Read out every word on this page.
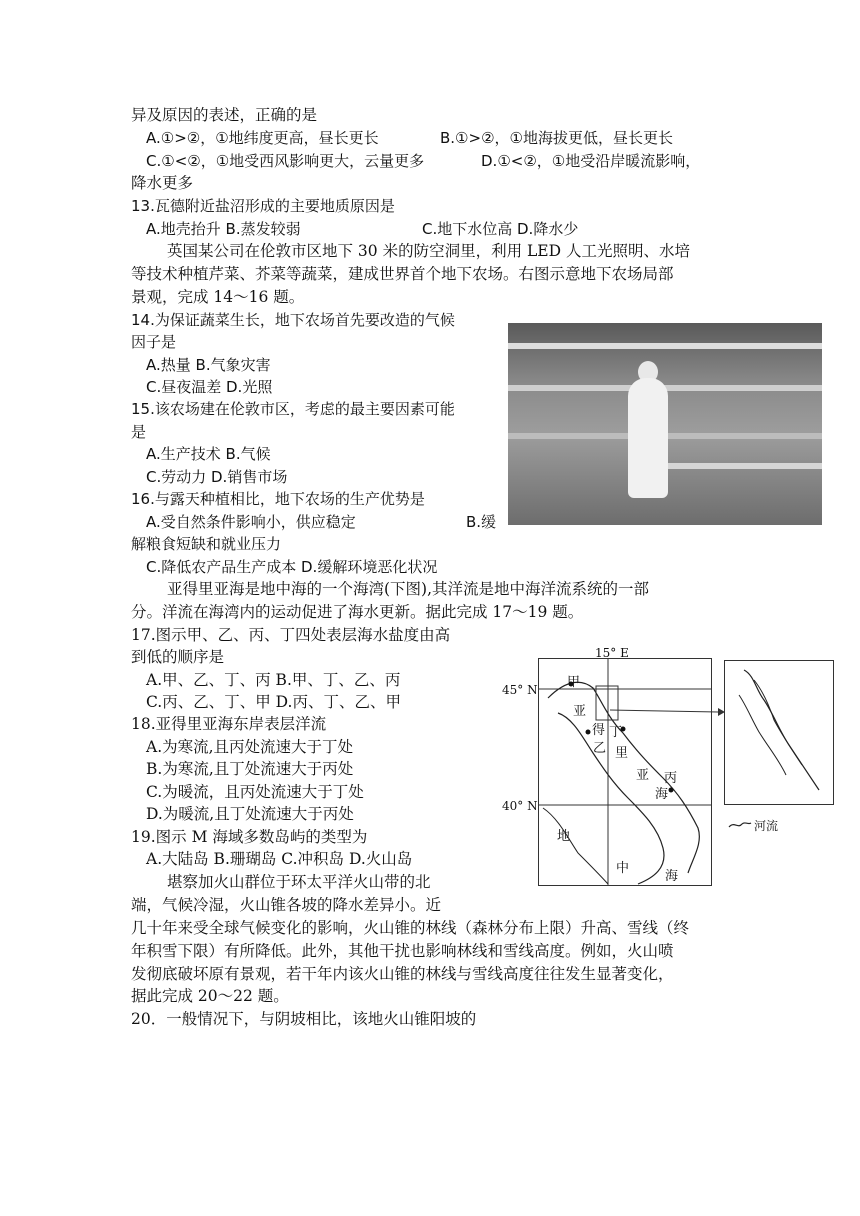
异及原因的表述，正确的是
A.①>②，①地纬度更高，昼长更长	B.①>②，①地海拔更低，昼长更长
C.①<②，①地受西风影响更大，云量更多	D.①<②，①地受沿岸暖流影响，
降水更多
13.瓦德附近盐沼形成的主要地质原因是
A.地壳抬升 B.蒸发较弱	C.地下水位高 D.降水少
英国某公司在伦敦市区地下 30 米的防空洞里，利用 LED 人工光照明、水培
等技术种植芹菜、芥菜等蔬菜，建成世界首个地下农场。右图示意地下农场局部
景观，完成 14～16 题。
14.为保证蔬菜生长，地下农场首先要改造的气候
因子是
A.热量 B.气象灾害
C.昼夜温差 D.光照
15.该农场建在伦敦市区，考虑的最主要因素可能
是
A.生产技术 B.气候
C.劳动力 D.销售市场
16.与露天种植相比，地下农场的生产优势是
A.受自然条件影响小，供应稳定	B.缓
解粮食短缺和就业压力
C.降低农产品生产成本 D.缓解环境恶化状况
亚得里亚海是地中海的一个海湾(下图),其洋流是地中海洋流系统的一部
分。洋流在海湾内的运动促进了海水更新。据此完成 17～19 题。
17.图示甲、乙、丙、丁四处表层海水盐度由高
到低的顺序是
A.甲、乙、丁、丙 B.甲、丁、乙、丙
C.丙、乙、丁、甲 D.丙、丁、乙、甲
18.亚得里亚海东岸表层洋流
A.为寒流,且丙处流速大于丁处
B.为寒流,且丁处流速大于丙处
C.为暖流，且丙处流速大于丁处
D.为暖流,且丁处流速大于丙处
19.图示 M 海域多数岛屿的类型为
A.大陆岛 B.珊瑚岛 C.冲积岛 D.火山岛
堪察加火山群位于环太平洋火山带的北
端，气候冷湿，火山锥各坡的降水差异小。近
几十年来受全球气候变化的影响，火山锥的林线（森林分布上限）升高、雪线（终
年积雪下限）有所降低。此外，其他干扰也影响林线和雪线高度。例如，火山喷
发彻底破坏原有景观，若干年内该火山锥的林线与雪线高度往往发生显著变化，
据此完成 20～22 题。
20．一般情况下，与阴坡相比，该地火山锥阳坡的
15° E
45° N
40° N
甲
亚
得
乙
丁
里
亚 丙
海
地
中
海
河流
